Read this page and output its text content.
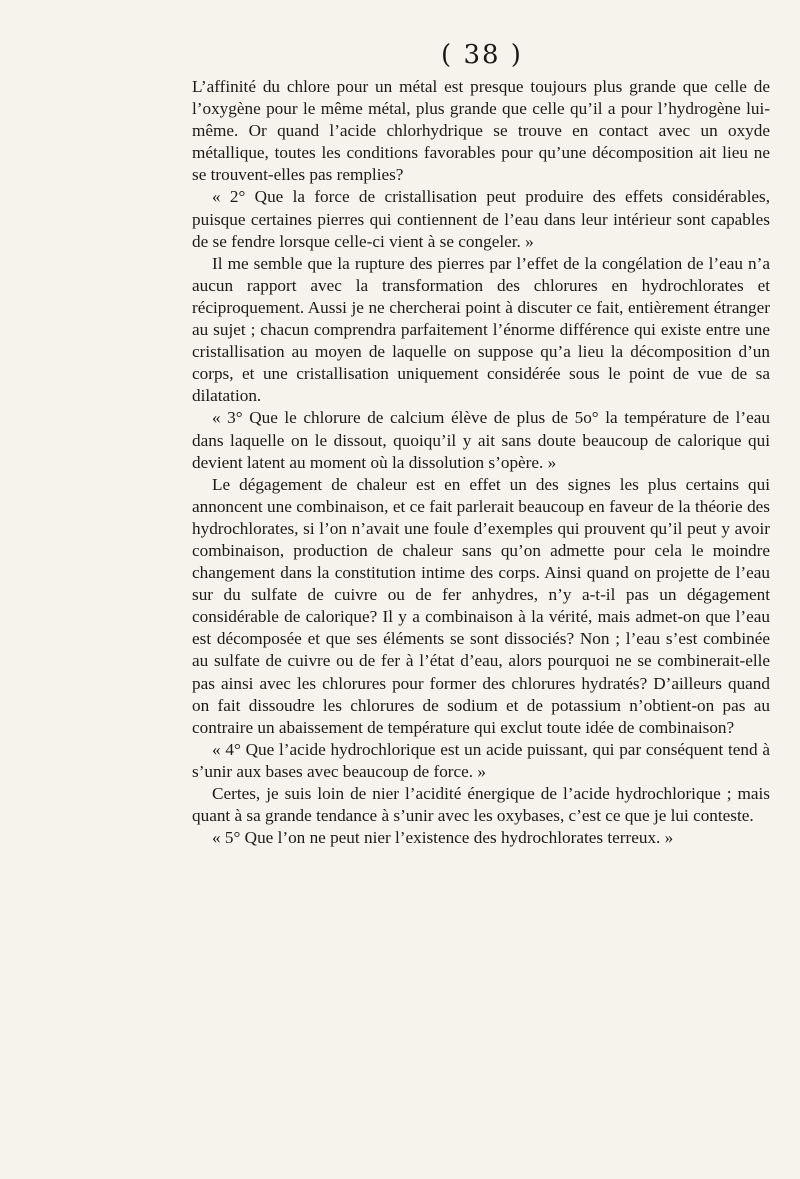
( 38 )

L’affinité du chlore pour un métal est presque toujours plus grande que celle de l’oxygène pour le même métal, plus grande que celle qu’il a pour l’hydrogène lui-même. Or quand l’acide chlorhydrique se trouve en contact avec un oxyde métallique, toutes les conditions favorables pour qu’une décomposition ait lieu ne se trouvent-elles pas remplies?

« 2° Que la force de cristallisation peut produire des effets considérables, puisque certaines pierres qui contiennent de l’eau dans leur intérieur sont capables de se fendre lorsque celle-ci vient à se congeler. »

Il me semble que la rupture des pierres par l’effet de la congélation de l’eau n’a aucun rapport avec la transformation des chlorures en hydrochlorates et réciproquement. Aussi je ne chercherai point à discuter ce fait, entièrement étranger au sujet ; chacun comprendra parfaitement l’énorme différence qui existe entre une cristallisation au moyen de laquelle on suppose qu’a lieu la décomposition d’un corps, et une cristallisation uniquement considérée sous le point de vue de sa dilatation.

« 3° Que le chlorure de calcium élève de plus de 5o° la température de l’eau dans laquelle on le dissout, quoiqu’il y ait sans doute beaucoup de calorique qui devient latent au moment où la dissolution s’opère. »

Le dégagement de chaleur est en effet un des signes les plus certains qui annoncent une combinaison, et ce fait parlerait beaucoup en faveur de la théorie des hydrochlorates, si l’on n’avait une foule d’exemples qui prouvent qu’il peut y avoir combinaison, production de chaleur sans qu’on admette pour cela le moindre changement dans la constitution intime des corps. Ainsi quand on projette de l’eau sur du sulfate de cuivre ou de fer anhydres, n’y a-t-il pas un dégagement considérable de calorique? Il y a combinaison à la vérité, mais admet-on que l’eau est décomposée et que ses éléments se sont dissociés? Non ; l’eau s’est combinée au sulfate de cuivre ou de fer à l’état d’eau, alors pourquoi ne se combinerait-elle pas ainsi avec les chlorures pour former des chlorures hydratés? D’ailleurs quand on fait dissoudre les chlorures de sodium et de potassium n’obtient-on pas au contraire un abaissement de température qui exclut toute idée de combinaison?

« 4° Que l’acide hydrochlorique est un acide puissant, qui par conséquent tend à s’unir aux bases avec beaucoup de force. »

Certes, je suis loin de nier l’acidité énergique de l’acide hydrochlorique ; mais quant à sa grande tendance à s’unir avec les oxybases, c’est ce que je lui conteste.

« 5° Que l’on ne peut nier l’existence des hydrochlorates terreux. »
